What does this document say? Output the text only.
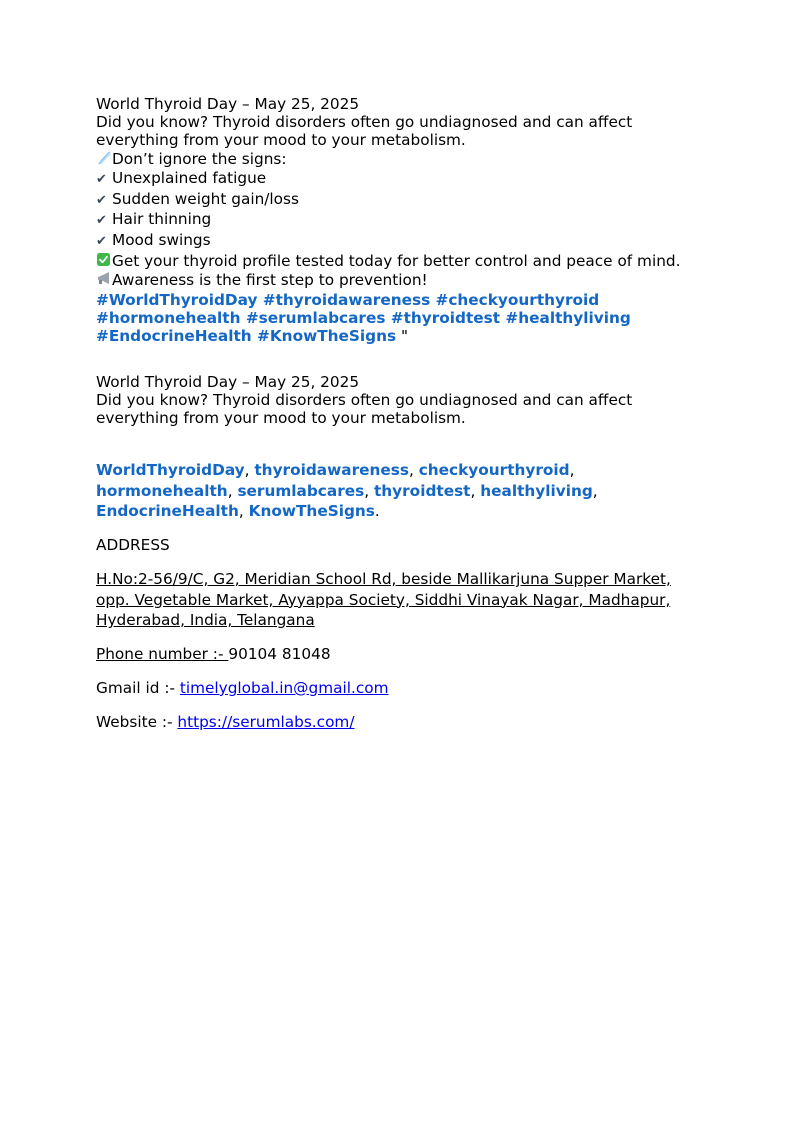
World Thyroid Day – May 25, 2025
Did you know? Thyroid disorders often go undiagnosed and can affect
everything from your mood to your metabolism.
Don’t ignore the signs:
✔ Unexplained fatigue
✔ Sudden weight gain/loss
✔ Hair thinning
✔ Mood swings
Get your thyroid profile tested today for better control and peace of mind.
Awareness is the first step to prevention!
#WorldThyroidDay #thyroidawareness #checkyourthyroid
#hormonehealth #serumlabcares #thyroidtest #healthyliving
#EndocrineHealth #KnowTheSigns "
World Thyroid Day – May 25, 2025
Did you know? Thyroid disorders often go undiagnosed and can affect
everything from your mood to your metabolism.
WorldThyroidDay, thyroidawareness, checkyourthyroid,
hormonehealth, serumlabcares, thyroidtest, healthyliving,
EndocrineHealth, KnowTheSigns.
ADDRESS
H.No:2-56/9/C, G2, Meridian School Rd, beside Mallikarjuna Supper Market,
opp. Vegetable Market, Ayyappa Society, Siddhi Vinayak Nagar, Madhapur,
Hyderabad, India, Telangana
Phone number :- 90104 81048
Gmail id :- timelyglobal.in@gmail.com
Website :- https://serumlabs.com/
